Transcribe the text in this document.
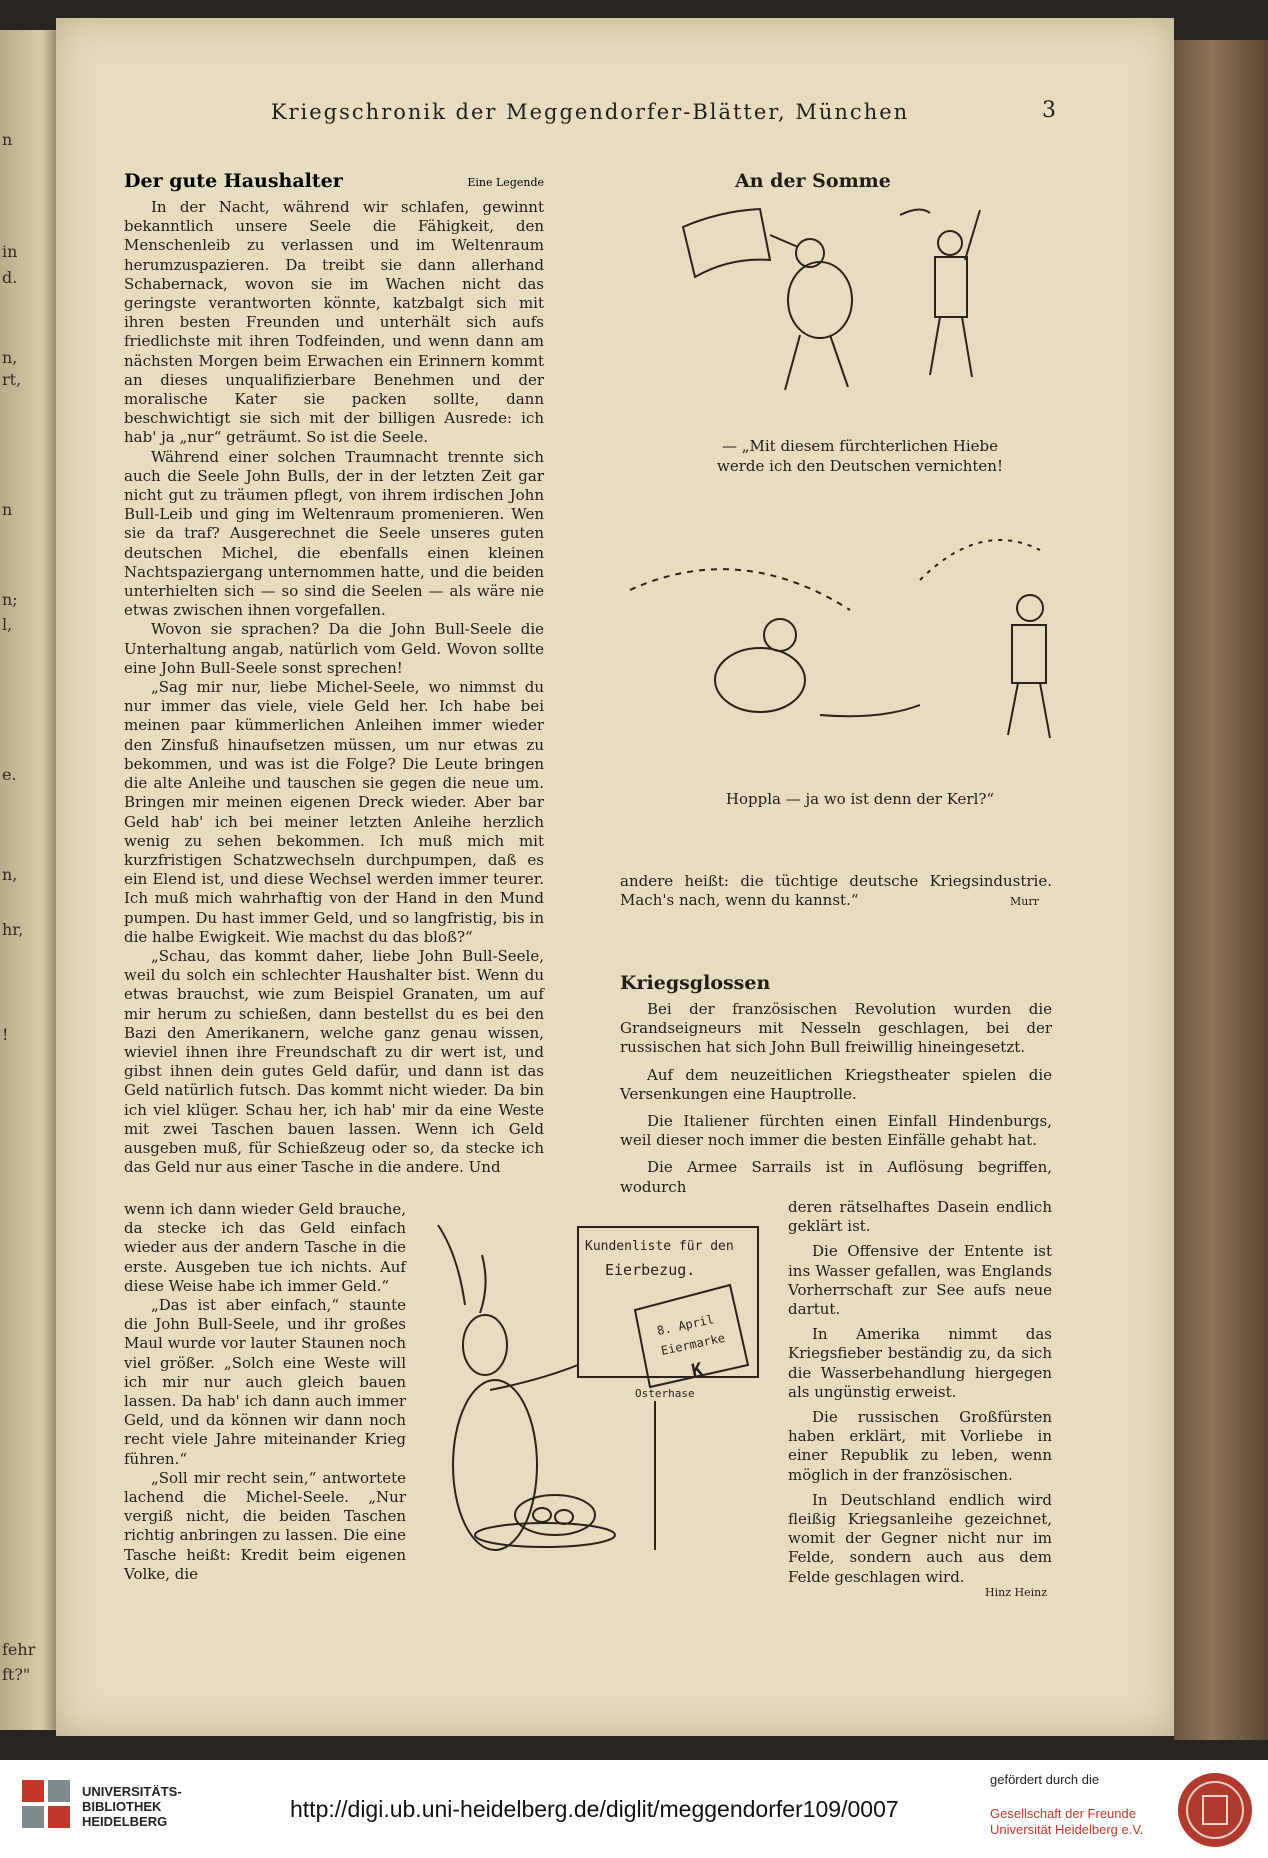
n
in
d.
n,
rt,
n
n;
l,
e.
n,
hr,
!
fehr
ft?"
Kriegschronik der Meggendorfer-Blätter, München	3
Der gute Haushalter	Eine Legende

In der Nacht, während wir schlafen, gewinnt bekanntlich unsere Seele die Fähigkeit, den Menschenleib zu verlassen und im Weltenraum herumzuspazieren. Da treibt sie dann allerhand Schabernack, wovon sie im Wachen nicht das geringste verantworten könnte, katzbalgt sich mit ihren besten Freunden und unterhält sich aufs friedlichste mit ihren Todfeinden, und wenn dann am nächsten Morgen beim Erwachen ein Erinnern kommt an dieses unqualifizierbare Benehmen und der moralische Kater sie packen sollte, dann beschwichtigt sie sich mit der billigen Ausrede: ich hab' ja „nur“ geträumt. So ist die Seele.

Während einer solchen Traumnacht trennte sich auch die Seele John Bulls, der in der letzten Zeit gar nicht gut zu träumen pflegt, von ihrem irdischen John Bull-Leib und ging im Weltenraum promenieren. Wen sie da traf? Ausgerechnet die Seele unseres guten deutschen Michel, die ebenfalls einen kleinen Nachtspaziergang unternommen hatte, und die beiden unterhielten sich — so sind die Seelen — als wäre nie etwas zwischen ihnen vorgefallen.

Wovon sie sprachen? Da die John Bull-Seele die Unterhaltung angab, natürlich vom Geld. Wovon sollte eine John Bull-Seele sonst sprechen!

„Sag mir nur, liebe Michel-Seele, wo nimmst du nur immer das viele, viele Geld her. Ich habe bei meinen paar kümmerlichen Anleihen immer wieder den Zinsfuß hinaufsetzen müssen, um nur etwas zu bekommen, und was ist die Folge? Die Leute bringen die alte Anleihe und tauschen sie gegen die neue um. Bringen mir meinen eigenen Dreck wieder. Aber bar Geld hab' ich bei meiner letzten Anleihe herzlich wenig zu sehen bekommen. Ich muß mich mit kurzfristigen Schatzwechseln durchpumpen, daß es ein Elend ist, und diese Wechsel werden immer teurer. Ich muß mich wahrhaftig von der Hand in den Mund pumpen. Du hast immer Geld, und so langfristig, bis in die halbe Ewigkeit. Wie machst du das bloß?“

„Schau, das kommt daher, liebe John Bull-Seele, weil du solch ein schlechter Haushalter bist. Wenn du etwas brauchst, wie zum Beispiel Granaten, um auf mir herum zu schießen, dann bestellst du es bei den Bazi den Amerikanern, welche ganz genau wissen, wieviel ihnen ihre Freundschaft zu dir wert ist, und gibst ihnen dein gutes Geld dafür, und dann ist das Geld natürlich futsch. Das kommt nicht wieder. Da bin ich viel klüger. Schau her, ich hab' mir da eine Weste mit zwei Taschen bauen lassen. Wenn ich Geld ausgeben muß, für Schießzeug oder so, da stecke ich das Geld nur aus einer Tasche in die andere. Und

wenn ich dann wieder Geld brauche, da stecke ich das Geld einfach wieder aus der andern Tasche in die erste. Ausgeben tue ich nichts. Auf diese Weise habe ich immer Geld.“

„Das ist aber einfach,“ staunte die John Bull-Seele, und ihr großes Maul wurde vor lauter Staunen noch viel größer. „Solch eine Weste will ich mir nur auch gleich bauen lassen. Da hab' ich dann auch immer Geld, und da können wir dann noch recht viele Jahre miteinander Krieg führen.“

„Soll mir recht sein,“ antwortete lachend die Michel-Seele. „Nur vergiß nicht, die beiden Taschen richtig anbringen zu lassen. Die eine Tasche heißt: Kredit beim eigenen Volke, die

An der Somme
— „Mit diesem fürchterlichen Hiebe werde ich den Deutschen vernichten!
Hoppla — ja wo ist denn der Kerl?“
andere heißt: die tüchtige deutsche Kriegsindustrie. Mach's nach, wenn du kannst.“	Murr
Kriegsglossen

Bei der französischen Revolution wurden die Grandseigneurs mit Nesseln geschlagen, bei der russischen hat sich John Bull freiwillig hineingesetzt.

Auf dem neuzeitlichen Kriegstheater spielen die Versenkungen eine Hauptrolle.

Die Italiener fürchten einen Einfall Hindenburgs, weil dieser noch immer die besten Einfälle gehabt hat.

Die Armee Sarrails ist in Auflösung begriffen, wodurch

deren rätselhaftes Dasein endlich geklärt ist.

Die Offensive der Entente ist ins Wasser gefallen, was Englands Vorherrschaft zur See aufs neue dartut.

In Amerika nimmt das Kriegsfieber beständig zu, da sich die Wasserbehandlung hiergegen als ungünstig erweist.

Die russischen Großfürsten haben erklärt, mit Vorliebe in einer Republik zu leben, wenn möglich in der französischen.

In Deutschland endlich wird fleißig Kriegsanleihe gezeichnet, womit der Gegner nicht nur im Felde, sondern auch aus dem Felde geschlagen wird.

Hinz Heinz
Kundenliste für den
Eierbezug.
8. April
Eiermarke
K
Osterhase
UNIVERSITÄTS-
BIBLIOTHEK
HEIDELBERG	http://digi.ub.uni-heidelberg.de/diglit/meggendorfer109/0007
gefördert durch die
Gesellschaft der Freunde
Universität Heidelberg e.V.
